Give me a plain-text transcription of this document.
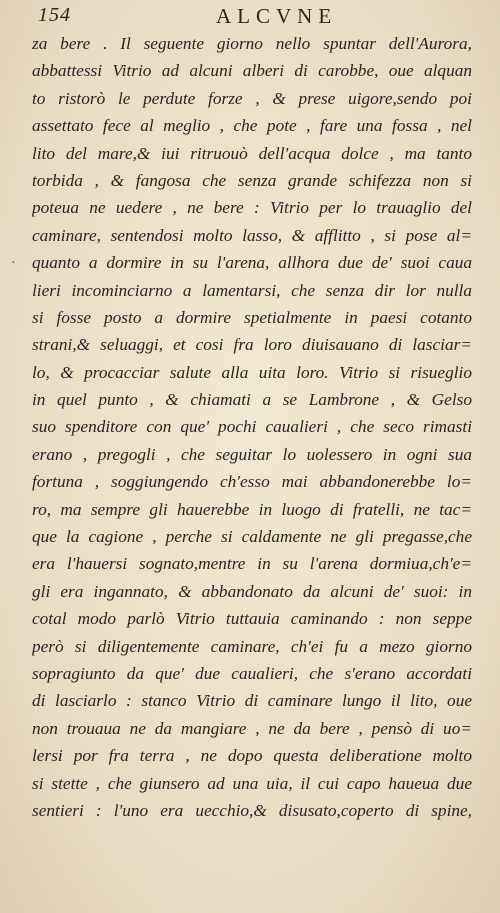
154	ALCVNE
·
za bere . Il seguente giorno nello spuntar dell'Aurora,
abbattessi Vitrio ad alcuni alberi di carobbe, oue alquan
to ristorò le perdute forze , & prese uigore,sendo poi
assettato fece al meglio , che pote , fare una fossa , nel
lito del mare,& iui ritruouò dell'acqua dolce , ma tanto
torbida , & fangosa che senza grande schifezza non si
poteua ne uedere , ne bere : Vitrio per lo trauaglio del
caminare, sentendosi molto lasso, & afflitto , si pose al=
quanto a dormire in su l'arena, allhora due de' suoi caua
lieri incominciarno a lamentarsi, che senza dir lor nulla
si fosse posto a dormire spetialmente in paesi cotanto
strani,& seluaggi, et cosi fra loro diuisauano di lasciar=
lo, & procacciar salute alla uita loro. Vitrio si risueglio
in quel punto , & chiamati a se Lambrone , & Gelso
suo spenditore con que' pochi caualieri , che seco rimasti
erano , pregogli , che seguitar lo uolessero in ogni sua
fortuna , soggiungendo ch'esso mai abbandonerebbe lo=
ro, ma sempre gli hauerebbe in luogo di fratelli, ne tac=
que la cagione , perche si caldamente ne gli pregasse,che
era l'hauersi sognato,mentre in su l'arena dormiua,ch'e=
gli era ingannato, & abbandonato da alcuni de' suoi: in
cotal modo parlò Vitrio tuttauia caminando : non seppe
però si diligentemente caminare, ch'ei fu a mezo giorno
sopragiunto da que' due caualieri, che s'erano accordati
di lasciarlo : stanco Vitrio di caminare lungo il lito, oue
non trouaua ne da mangiare , ne da bere , pensò di uo=
lersi por fra terra , ne dopo questa deliberatione molto
si stette , che giunsero ad una uia, il cui capo haueua due
sentieri : l'uno era uecchio,& disusato,coperto di spine,
